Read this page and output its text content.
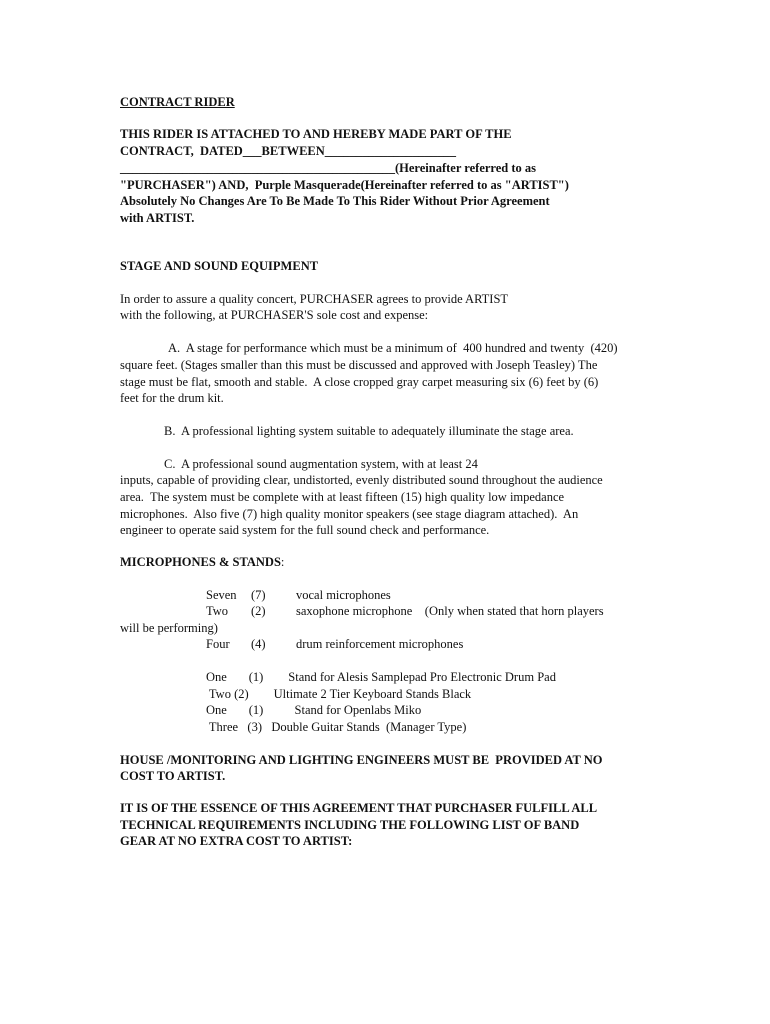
CONTRACT RIDER
THIS RIDER IS ATTACHED TO AND HEREBY MADE PART OF THE
CONTRACT,  DATED___BETWEEN_____________________
____________________________________________(Hereinafter referred to as
"PURCHASER") AND,  Purple Masquerade(Hereinafter referred to as "ARTIST")
Absolutely No Changes Are To Be Made To This Rider Without Prior Agreement
with ARTIST.
STAGE AND SOUND EQUIPMENT
In order to assure a quality concert, PURCHASER agrees to provide ARTIST
with the following, at PURCHASER'S sole cost and expense:
A.  A stage for performance which must be a minimum of  400 hundred and twenty  (420)
square feet. (Stages smaller than this must be discussed and approved with Joseph Teasley) The
stage must be flat, smooth and stable.  A close cropped gray carpet measuring six (6) feet by (6)
feet for the drum kit.
B.  A professional lighting system suitable to adequately illuminate the stage area.
C.  A professional sound augmentation system, with at least 24
inputs, capable of providing clear, undistorted, evenly distributed sound throughout the audience
area.  The system must be complete with at least fifteen (15) high quality low impedance
microphones.  Also five (7) high quality monitor speakers (see stage diagram attached).  An
engineer to operate said system for the full sound check and performance.
MICROPHONES & STANDS:
Seven (7) vocal microphones
Two (2) saxophone microphone    (Only when stated that horn players
will be performing)
Four (4) drum reinforcement microphones
One       (1)        Stand for Alesis Samplepad Pro Electronic Drum Pad
Two (2)        Ultimate 2 Tier Keyboard Stands Black
One       (1)          Stand for Openlabs Miko
Three   (3)   Double Guitar Stands  (Manager Type)
HOUSE /MONITORING AND LIGHTING ENGINEERS MUST BE  PROVIDED AT NO
COST TO ARTIST.
IT IS OF THE ESSENCE OF THIS AGREEMENT THAT PURCHASER FULFILL ALL
TECHNICAL REQUIREMENTS INCLUDING THE FOLLOWING LIST OF BAND
GEAR AT NO EXTRA COST TO ARTIST:
